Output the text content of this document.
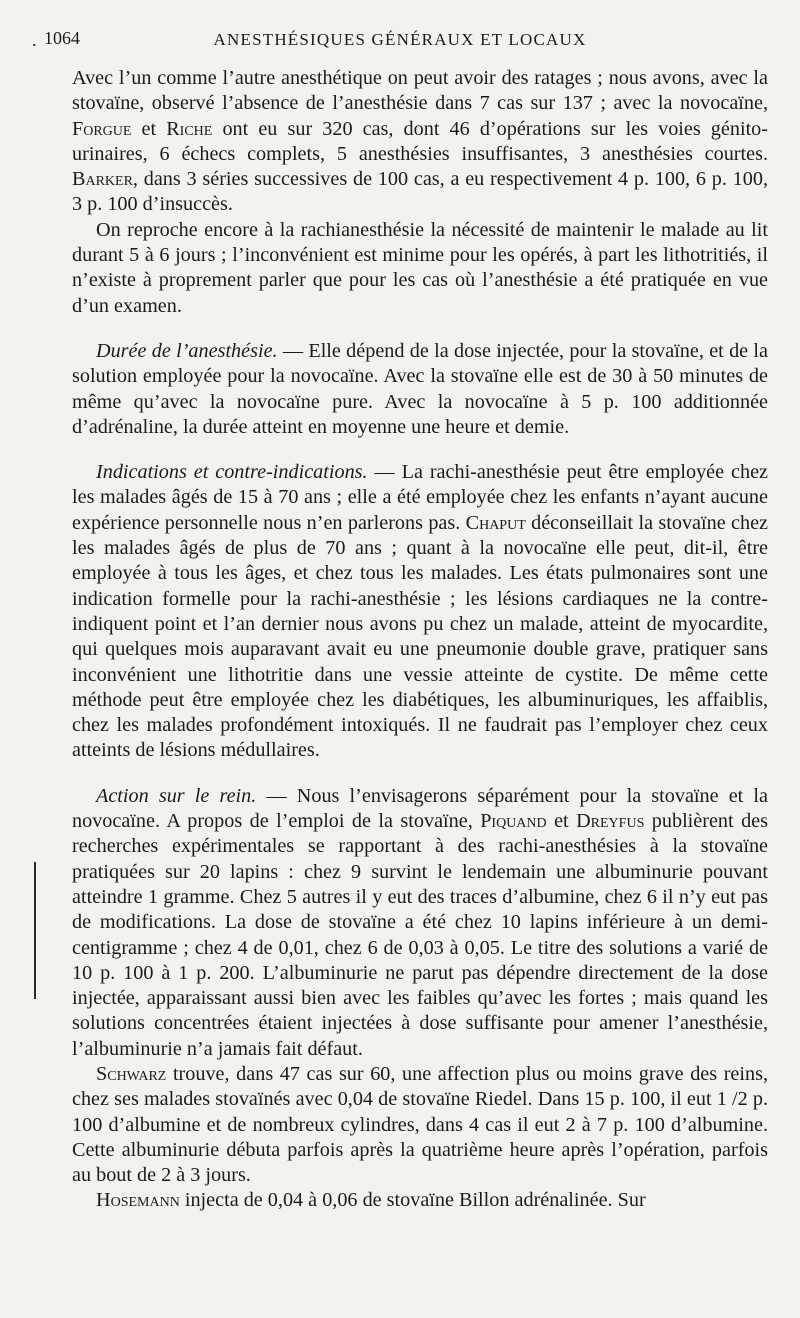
. 1064	ANESTHÉSIQUES GÉNÉRAUX ET LOCAUX

Avec l’un comme l’autre anesthétique on peut avoir des ratages ; nous avons, avec la stovaïne, observé l’absence de l’anesthésie dans 7 cas sur 137 ; avec la novocaïne, Forgue et Riche ont eu sur 320 cas, dont 46 d’opérations sur les voies génito-urinaires, 6 échecs complets, 5 anesthésies insuffisantes, 3 anesthésies courtes. Barker, dans 3 séries successives de 100 cas, a eu respectivement 4 p. 100, 6 p. 100, 3 p. 100 d’insuccès.

On reproche encore à la rachianesthésie la nécessité de maintenir le malade au lit durant 5 à 6 jours ; l’inconvénient est minime pour les opérés, à part les lithotritiés, il n’existe à proprement parler que pour les cas où l’anesthésie a été pratiquée en vue d’un examen.

Durée de l’anesthésie. — Elle dépend de la dose injectée, pour la stovaïne, et de la solution employée pour la novocaïne. Avec la stovaïne elle est de 30 à 50 minutes de même qu’avec la novocaïne pure. Avec la novocaïne à 5 p. 100 additionnée d’adrénaline, la durée atteint en moyenne une heure et demie.

Indications et contre-indications. — La rachi-anesthésie peut être employée chez les malades âgés de 15 à 70 ans ; elle a été employée chez les enfants n’ayant aucune expérience personnelle nous n’en parlerons pas. Chaput déconseillait la stovaïne chez les malades âgés de plus de 70 ans ; quant à la novocaïne elle peut, dit-il, être employée à tous les âges, et chez tous les malades. Les états pulmonaires sont une indication formelle pour la rachi-anesthésie ; les lésions cardiaques ne la contre-indiquent point et l’an dernier nous avons pu chez un malade, atteint de myocardite, qui quelques mois auparavant avait eu une pneumonie double grave, pratiquer sans inconvénient une lithotritie dans une vessie atteinte de cystite. De même cette méthode peut être employée chez les diabétiques, les albuminuriques, les affaiblis, chez les malades profondément intoxiqués. Il ne faudrait pas l’employer chez ceux atteints de lésions médullaires.

Action sur le rein. — Nous l’envisagerons séparément pour la stovaïne et la novocaïne. A propos de l’emploi de la stovaïne, Piquand et Dreyfus publièrent des recherches expérimentales se rapportant à des rachi-anesthésies à la stovaïne pratiquées sur 20 lapins : chez 9 survint le lendemain une albuminurie pouvant atteindre 1 gramme. Chez 5 autres il y eut des traces d’albumine, chez 6 il n’y eut pas de modifications. La dose de stovaïne a été chez 10 lapins inférieure à un demi-centigramme ; chez 4 de 0,01, chez 6 de 0,03 à 0,05. Le titre des solutions a varié de 10 p. 100 à 1 p. 200. L’albuminurie ne parut pas dépendre directement de la dose injectée, apparaissant aussi bien avec les faibles qu’avec les fortes ; mais quand les solutions concentrées étaient injectées à dose suffisante pour amener l’anesthésie, l’albuminurie n’a jamais fait défaut.

Schwarz trouve, dans 47 cas sur 60, une affection plus ou moins grave des reins, chez ses malades stovaïnés avec 0,04 de stovaïne Riedel. Dans 15 p. 100, il eut 1 /2 p. 100 d’albumine et de nombreux cylindres, dans 4 cas il eut 2 à 7 p. 100 d’albumine. Cette albuminurie débuta parfois après la quatrième heure après l’opération, parfois au bout de 2 à 3 jours.

Hosemann injecta de 0,04 à 0,06 de stovaïne Billon adrénalinée. Sur
